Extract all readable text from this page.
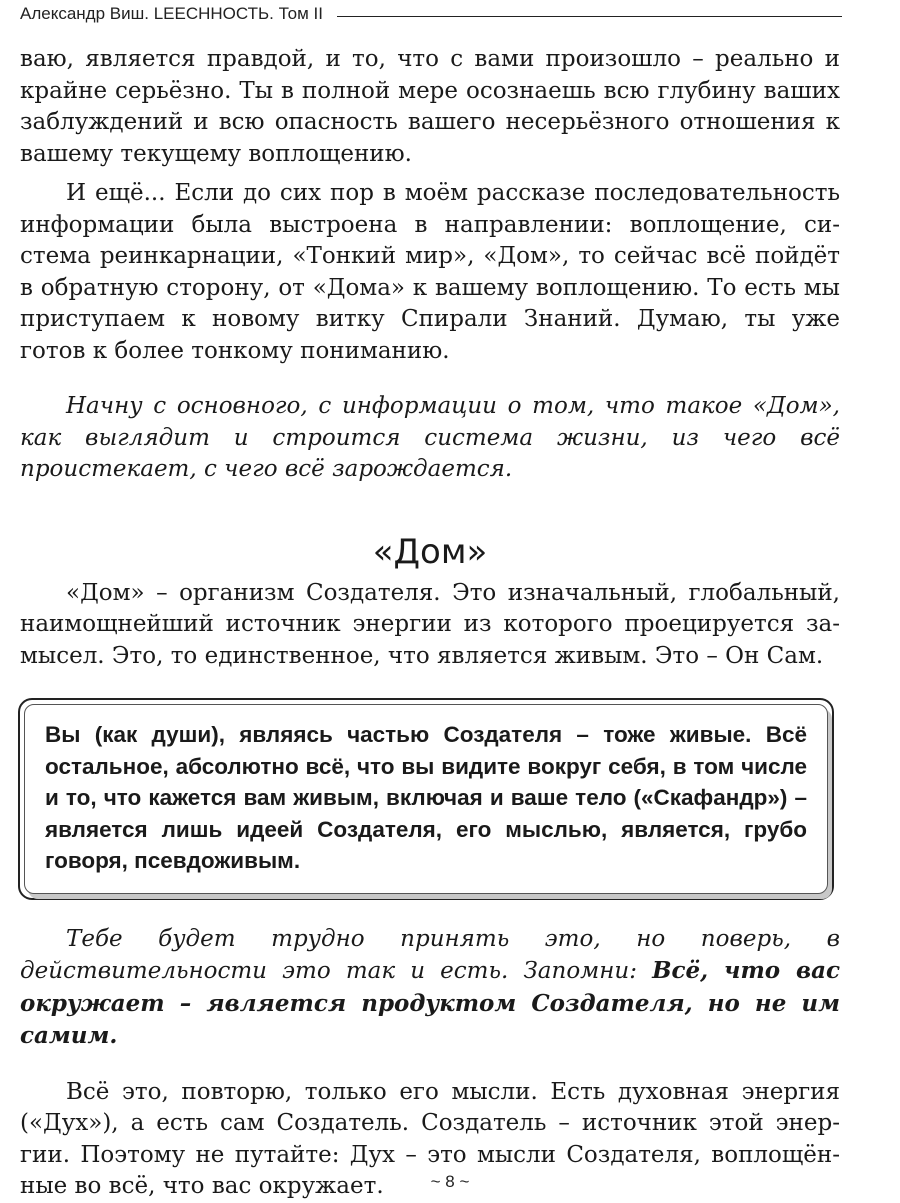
Александр Виш. LEECHНОСТЬ. Том II

ваю, является правдой, и то, что с вами произошло – реально и крайне серьёзно. Ты в полной мере осознаешь всю глубину ваших заблуждений и всю опасность вашего несерьёзного отношения к вашему текущему воплощению.

И ещё... Если до сих пор в моём рассказе последовательность информации была выстроена в направлении: воплощение, система реинкарнации, «Тонкий мир», «Дом», то сейчас всё пойдёт в обратную сторону, от «Дома» к вашему воплощению. То есть мы приступаем к новому витку Спирали Знаний. Думаю, ты уже готов к более тонкому пониманию.

Начну с основного, с информации о том, что такое «Дом», как выглядит и строится система жизни, из чего всё проистекает, с чего всё зарождается.

«Дом»

«Дом» – организм Создателя. Это изначальный, глобальный, наимощнейший источник энергии из которого проецируется замысел. Это, то единственное, что является живым. Это – Он Сам.

Вы (как души), являясь частью Создателя – тоже живые. Всё остальное, абсолютно всё, что вы видите вокруг себя, в том числе и то, что кажется вам живым, включая и ваше тело («Скафандр») – является лишь идеей Создателя, его мыслью, является, грубо говоря, псевдоживым.

Тебе будет трудно принять это, но поверь, в действительности это так и есть. Запомни: Всё, что вас окружает – является продуктом Создателя, но не им самим.

Всё это, повторю, только его мысли. Есть духовная энергия («Дух»), а есть сам Создатель. Создатель – источник этой энергии. Поэтому не путайте: Дух – это мысли Создателя, воплощённые во всё, что вас окружает.	~ 8 ~
